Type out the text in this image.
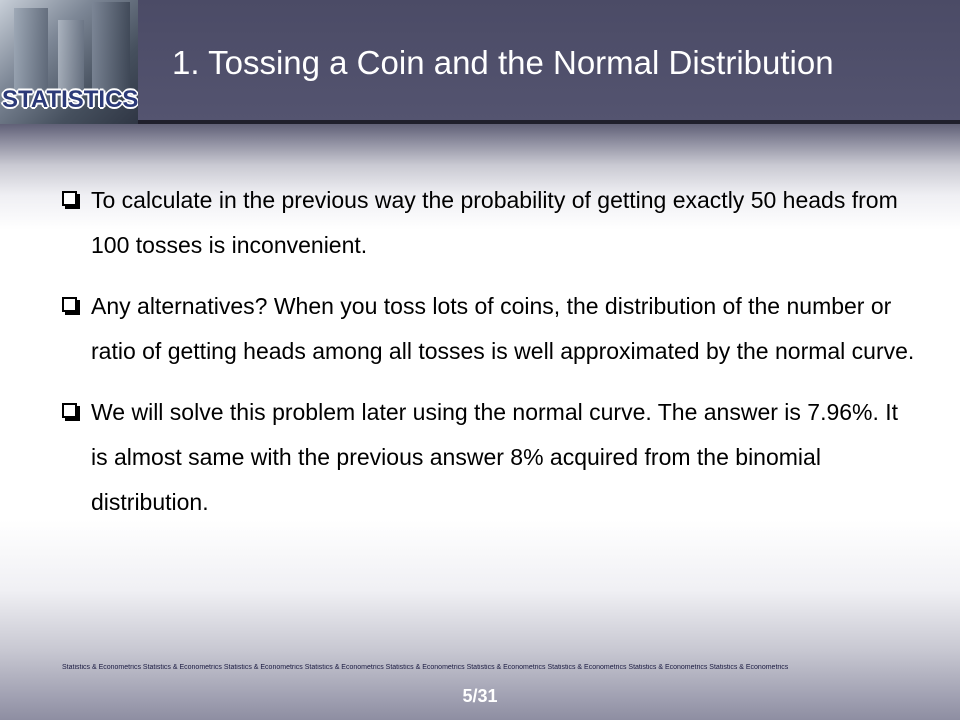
STATISTICS
1. Tossing a Coin and the Normal Distribution
To calculate in the previous way the probability of getting exactly 50 heads from 100 tosses is inconvenient.
Any alternatives? When you toss lots of coins, the distribution of the number or ratio of getting heads among all tosses is well approximated by the normal curve.
We will solve this problem later using the normal curve. The answer is 7.96%. It is almost same with the previous answer 8% acquired from the binomial distribution.
Statistics & Econometrics Statistics & Econometrics Statistics & Econometrics Statistics & Econometrics Statistics & Econometrics Statistics & Econometrics Statistics & Econometrics Statistics & Econometrics Statistics & Econometrics
5/31
